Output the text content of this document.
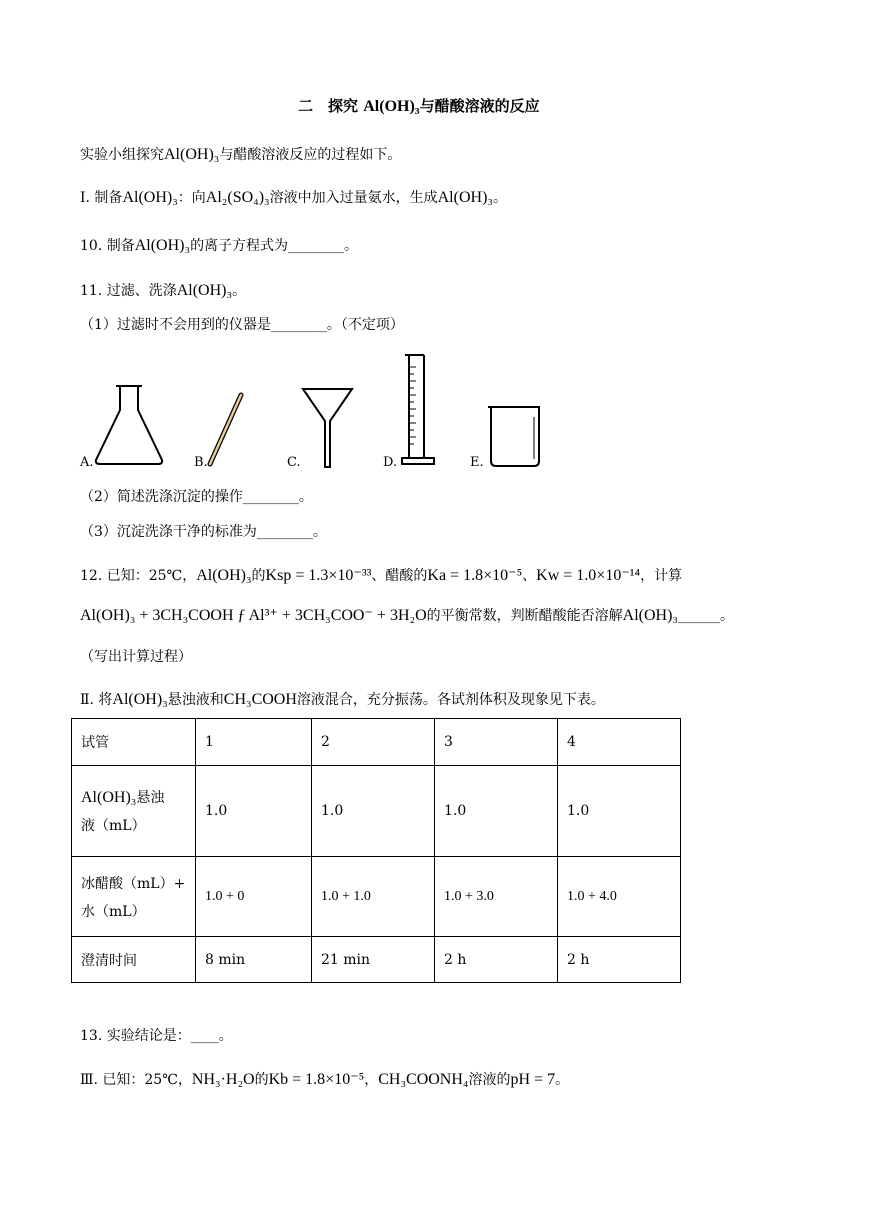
二　探究 Al(OH)₃与醋酸溶液的反应
实验小组探究Al(OH)₃与醋酸溶液反应的过程如下。
Ⅰ. 制备Al(OH)₃：向Al₂(SO₄)₃溶液中加入过量氨水，生成Al(OH)₃。
10. 制备Al(OH)₃的离子方程式为________。
11. 过滤、洗涤Al(OH)₃。
（1）过滤时不会用到的仪器是________。（不定项）
A.	B.	C.	D.	E.
（2）简述洗涤沉淀的操作________。
（3）沉淀洗涤干净的标准为________。
12. 已知：25℃，Al(OH)₃的Ksp = 1.3×10⁻³³、醋酸的Ka = 1.8×10⁻⁵、Kw = 1.0×10⁻¹⁴，计算
Al(OH)₃ + 3CH₃COOH ƒ Al³⁺ + 3CH₃COO⁻ + 3H₂O的平衡常数，判断醋酸能否溶解Al(OH)₃______。
（写出计算过程）
Ⅱ. 将Al(OH)₃悬浊液和CH₃COOH溶液混合，充分振荡。各试剂体积及现象见下表。
试管	1	2	3	4

Al(OH)₃悬浊
液（mL）	1.0	1.0	1.0	1.0

冰醋酸（mL）+
水（mL）	1.0 + 0	1.0 + 1.0	1.0 + 3.0	1.0 + 4.0
澄清时间	8 min	21 min	2 h	2 h
13. 实验结论是：____。
Ⅲ. 已知：25℃，NH₃·H₂O的Kb = 1.8×10⁻⁵，CH₃COONH₄溶液的pH = 7。
